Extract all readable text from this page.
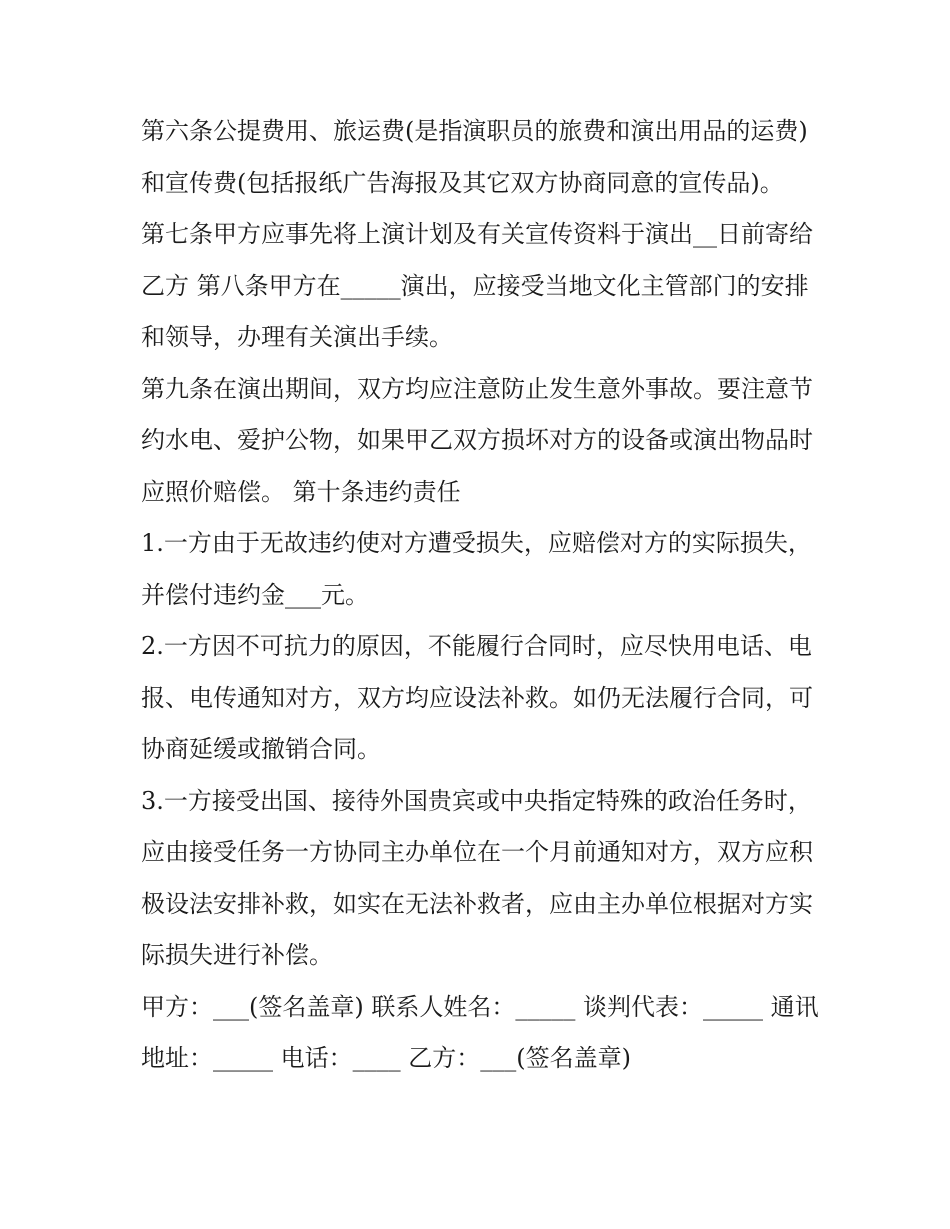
第六条公提费用、旅运费(是指演职员的旅费和演出用品的运费)和宣传费(包括报纸广告海报及其它双方协商同意的宣传品)。

第七条甲方应事先将上演计划及有关宣传资料于演出__日前寄给乙方 第八条甲方在_____演出，应接受当地文化主管部门的安排和领导，办理有关演出手续。

第九条在演出期间，双方均应注意防止发生意外事故。要注意节约水电、爱护公物，如果甲乙双方损坏对方的设备或演出物品时应照价赔偿。 第十条违约责任

1.一方由于无故违约使对方遭受损失，应赔偿对方的实际损失，并偿付违约金___元。

2.一方因不可抗力的原因，不能履行合同时，应尽快用电话、电报、电传通知对方，双方均应设法补救。如仍无法履行合同，可协商延缓或撤销合同。

3.一方接受出国、接待外国贵宾或中央指定特殊的政治任务时，应由接受任务一方协同主办单位在一个月前通知对方，双方应积极设法安排补救，如实在无法补救者，应由主办单位根据对方实际损失进行补偿。

甲方：___(签名盖章) 联系人姓名：_____ 谈判代表：_____ 通讯地址：_____ 电话：____ 乙方：___(签名盖章)
